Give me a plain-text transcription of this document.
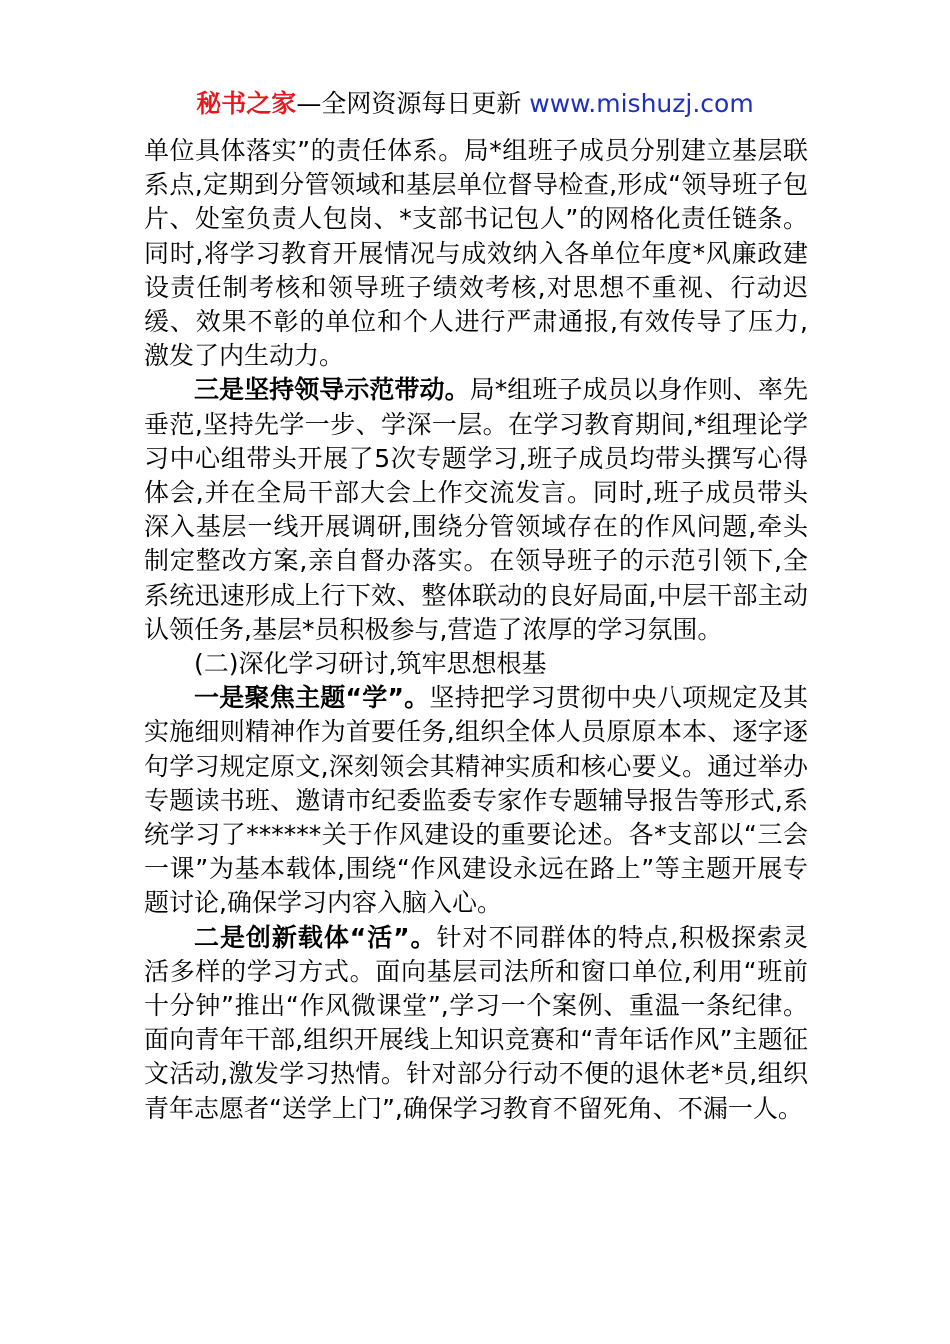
秘书之家—全网资源每日更新 www.mishuzj.com

单位具体落实”的责任体系。局*组班子成员分别建立基层联系点,定期到分管领域和基层单位督导检查,形成“领导班子包片、处室负责人包岗、*支部书记包人”的网格化责任链条。同时,将学习教育开展情况与成效纳入各单位年度*风廉政建设责任制考核和领导班子绩效考核,对思想不重视、行动迟缓、效果不彰的单位和个人进行严肃通报,有效传导了压力,激发了内生动力。

三是坚持领导示范带动。局*组班子成员以身作则、率先垂范,坚持先学一步、学深一层。在学习教育期间,*组理论学习中心组带头开展了5次专题学习,班子成员均带头撰写心得体会,并在全局干部大会上作交流发言。同时,班子成员带头深入基层一线开展调研,围绕分管领域存在的作风问题,牵头制定整改方案,亲自督办落实。在领导班子的示范引领下,全系统迅速形成上行下效、整体联动的良好局面,中层干部主动认领任务,基层*员积极参与,营造了浓厚的学习氛围。

(二)深化学习研讨,筑牢思想根基

一是聚焦主题“学”。坚持把学习贯彻中央八项规定及其实施细则精神作为首要任务,组织全体人员原原本本、逐字逐句学习规定原文,深刻领会其精神实质和核心要义。通过举办专题读书班、邀请市纪委监委专家作专题辅导报告等形式,系统学习了******关于作风建设的重要论述。各*支部以“三会一课”为基本载体,围绕“作风建设永远在路上”等主题开展专题讨论,确保学习内容入脑入心。

二是创新载体“活”。针对不同群体的特点,积极探索灵活多样的学习方式。面向基层司法所和窗口单位,利用“班前十分钟”推出“作风微课堂”,学习一个案例、重温一条纪律。面向青年干部,组织开展线上知识竞赛和“青年话作风”主题征文活动,激发学习热情。针对部分行动不便的退休老*员,组织青年志愿者“送学上门”,确保学习教育不留死角、不漏一人。
